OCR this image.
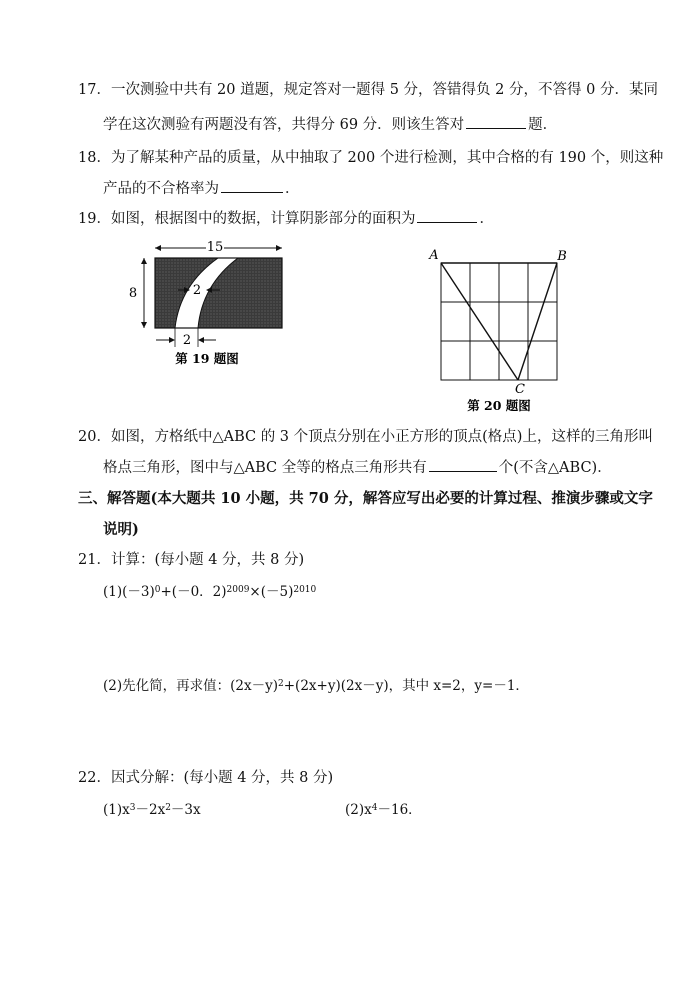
17．一次测验中共有 20 道题，规定答对一题得 5 分，答错得负 2 分，不答得 0 分．某同
学在这次测验有两题没有答，共得分 69 分．则该生答对	题．
18．为了解某种产品的质量，从中抽取了 200 个进行检测，其中合格的有 190 个，则这种
产品的不合格率为	．
19．如图，根据图中的数据，计算阴影部分的面积为	．
15
8	2
2
第 19 题图
A	B
C
第 20 题图
20．如图，方格纸中△ABC 的 3 个顶点分别在小正方形的顶点(格点)上，这样的三角形叫
格点三角形，图中与△ABC 全等的格点三角形共有	个(不含△ABC)．
三、解答题(本大题共 10 小题，共 70 分，解答应写出必要的计算过程、推演步骤或文字
说明)
21．计算：(每小题 4 分，共 8 分)
$(1)(-3)^0+(-0$．$2)^{2009}\times(-5)^{2010}$
(2)先化简，再求值：$(2x-y)^2+(2x+y)(2x-y)$，其中 x=2，y=－1．
22．因式分解：(每小题 4 分，共 8 分)
$(1)x^3-2x^2-3x$	$(2)x^4-16$．
